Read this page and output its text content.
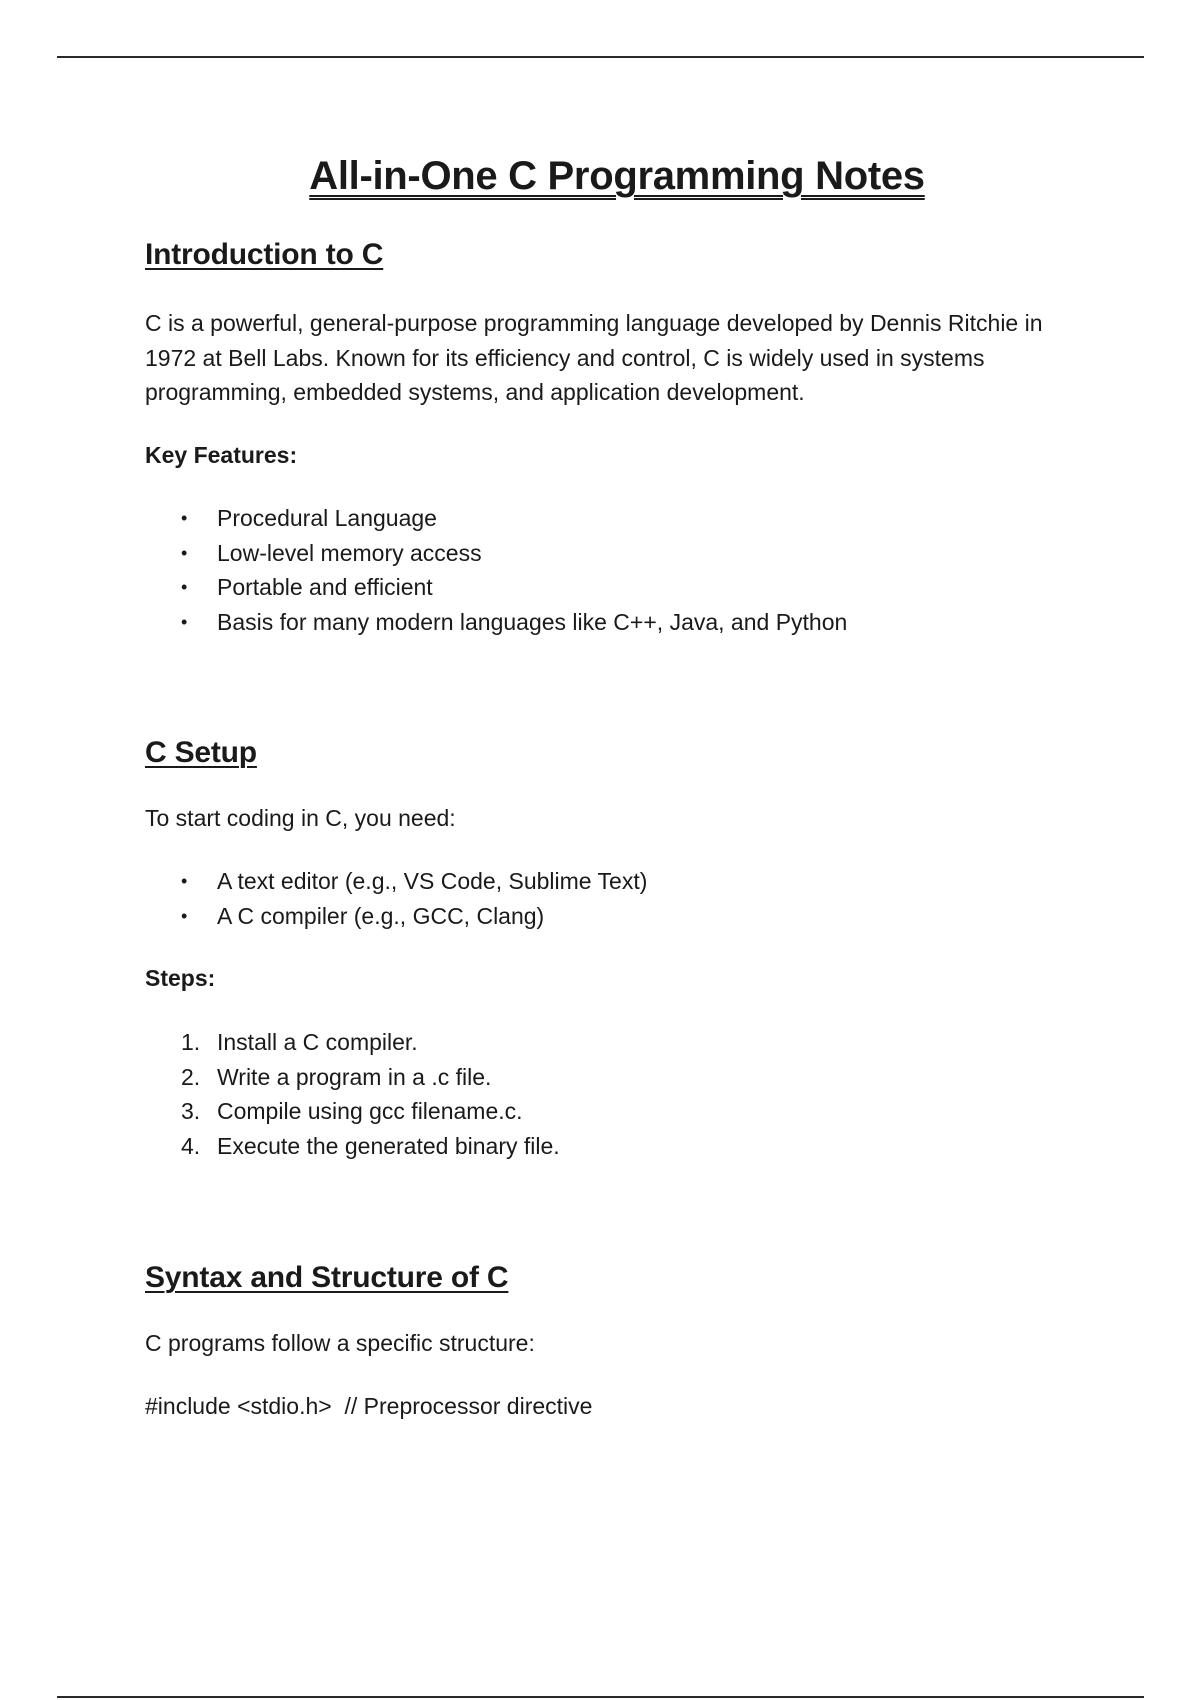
All-in-One C Programming Notes
Introduction to C

C is a powerful, general-purpose programming language developed by Dennis Ritchie in 1972 at Bell Labs. Known for its efficiency and control, C is widely used in systems programming, embedded systems, and application development.

Key Features:
• Procedural Language
• Low-level memory access
• Portable and efficient
• Basis for many modern languages like C++, Java, and Python
C Setup

To start coding in C, you need:

• A text editor (e.g., VS Code, Sublime Text)
• A C compiler (e.g., GCC, Clang)
Steps:
1. Install a C compiler.
2. Write a program in a .c file.
3. Compile using gcc filename.c.
4. Execute the generated binary file.
Syntax and Structure of C

C programs follow a specific structure:

#include <stdio.h>  // Preprocessor directive
